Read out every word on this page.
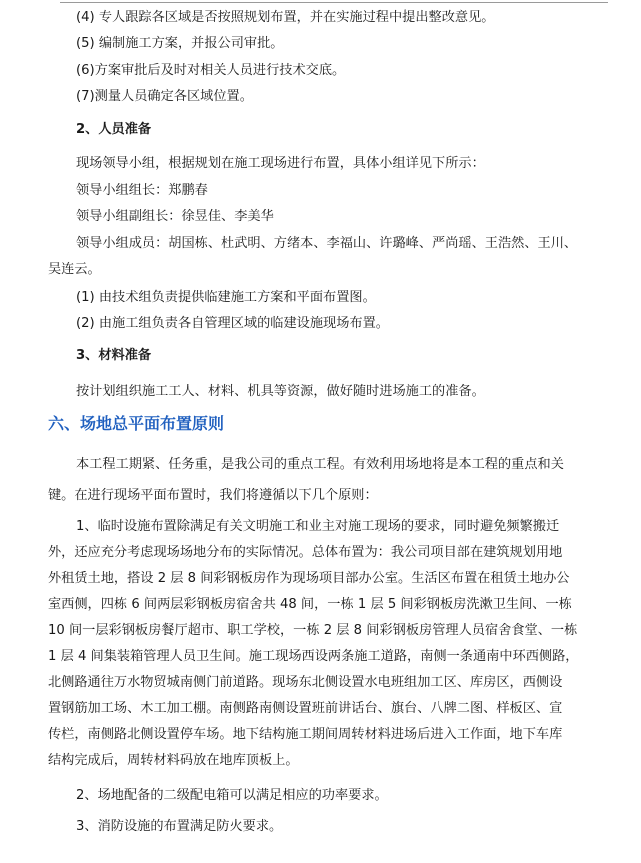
(4) 专人跟踪各区域是否按照规划布置，并在实施过程中提出整改意见。
(5) 编制施工方案，并报公司审批。
(6)方案审批后及时对相关人员进行技术交底。
(7)测量人员确定各区域位置。
2、人员准备
现场领导小组，根据规划在施工现场进行布置，具体小组详见下所示：
领导小组组长：郑鹏春
领导小组副组长：徐昱佳、李美华
领导小组成员：胡国栋、杜武明、方绪本、李福山、许璐峰、严尚瑶、王浩然、王川、
吴连云。
(1) 由技术组负责提供临建施工方案和平面布置图。
(2) 由施工组负责各自管理区域的临建设施现场布置。
3、材料准备
按计划组织施工工人、材料、机具等资源，做好随时进场施工的准备。
六、场地总平面布置原则
本工程工期紧、任务重，是我公司的重点工程。有效利用场地将是本工程的重点和关
键。在进行现场平面布置时，我们将遵循以下几个原则：
1、临时设施布置除满足有关文明施工和业主对施工现场的要求，同时避免频繁搬迁
外，还应充分考虑现场场地分布的实际情况。总体布置为：我公司项目部在建筑规划用地
外租赁土地，搭设 2 层 8 间彩钢板房作为现场项目部办公室。生活区布置在租赁土地办公
室西侧，四栋 6 间两层彩钢板房宿舍共 48 间，一栋 1 层 5 间彩钢板房洗漱卫生间、一栋
10 间一层彩钢板房餐厅超市、职工学校，一栋 2 层 8 间彩钢板房管理人员宿舍食堂、一栋
1 层 4 间集装箱管理人员卫生间。施工现场西设两条施工道路，南侧一条通南中环西侧路，
北侧路通往万水物贸城南侧门前道路。现场东北侧设置水电班组加工区、库房区，西侧设
置钢筋加工场、木工加工棚。南侧路南侧设置班前讲话台、旗台、八牌二图、样板区、宣
传栏，南侧路北侧设置停车场。地下结构施工期间周转材料进场后进入工作面，地下车库
结构完成后，周转材料码放在地库顶板上。
2、场地配备的二级配电箱可以满足相应的功率要求。
3、消防设施的布置满足防火要求。
